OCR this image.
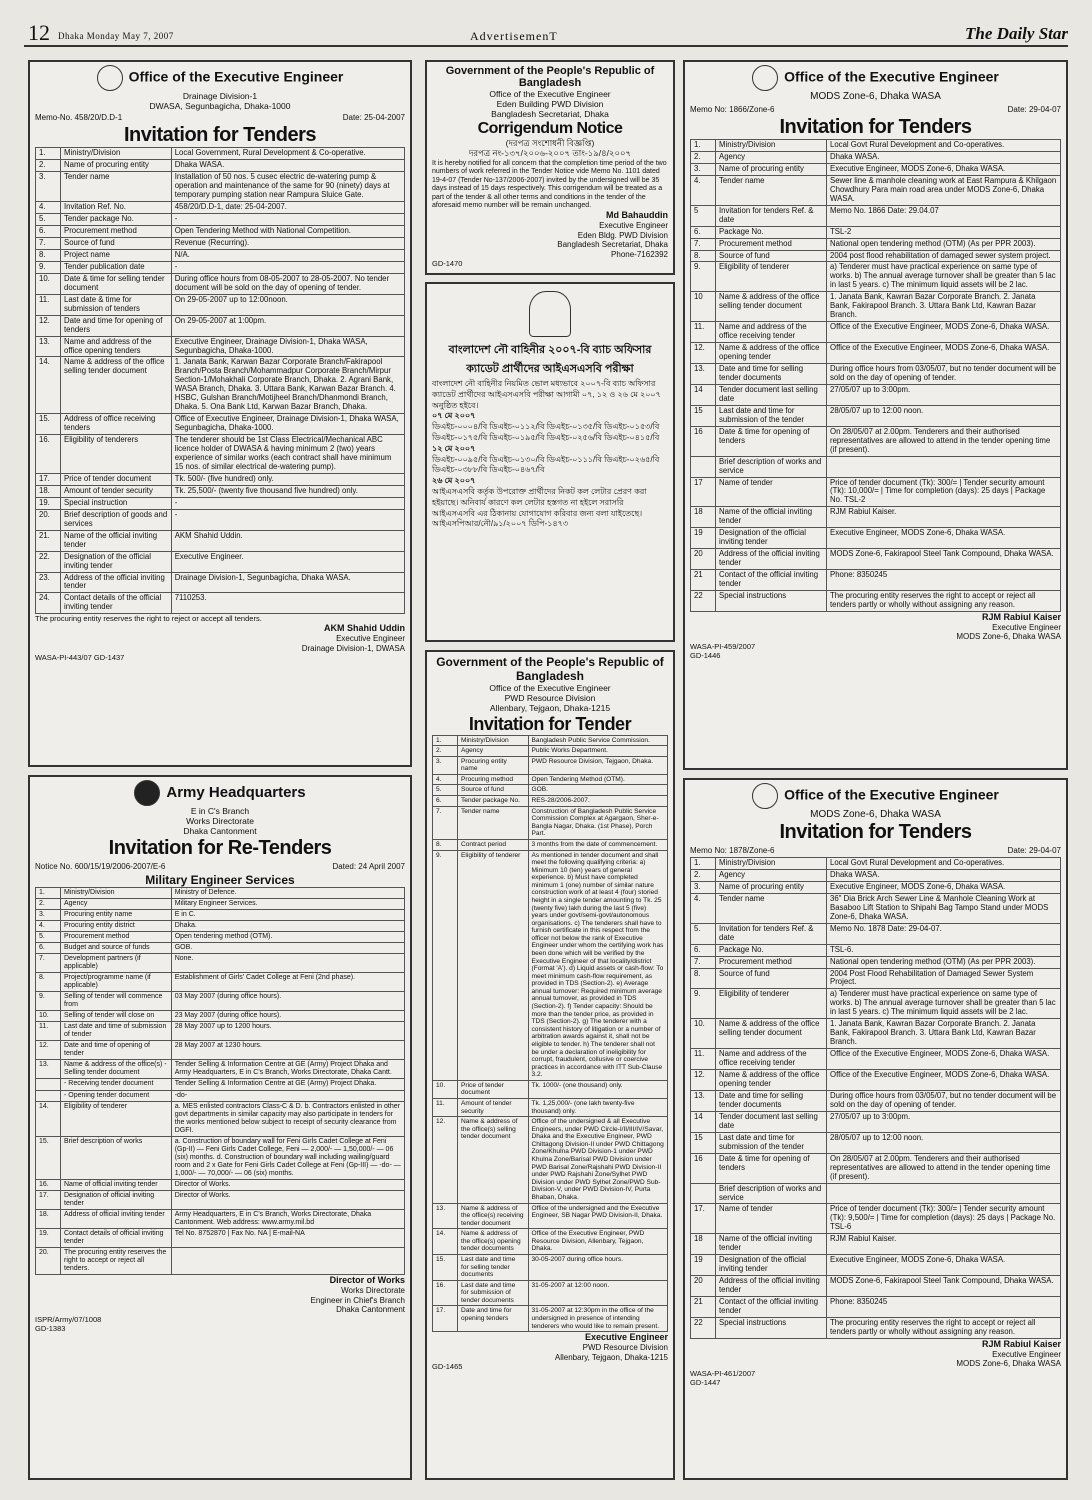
12 Dhaka Monday May 7, 2007	AdvertisemenT	The Daily Star
Office of the Executive Engineer
Drainage Division-1
DWASA, Segunbagicha, Dhaka-1000
Memo-No. 458/20/D.D-1	Date: 25-04-2007
Invitation for Tenders
1.	Ministry/Division	Local Government, Rural Development & Co-operative.
2.	Name of procuring entity	Dhaka WASA.
3.	Tender name	Installation of 50 nos. 5 cusec electric de-watering pump & operation and maintenance of the same for 90 (ninety) days at temporary pumping station near Rampura Sluice Gate.
4.	Invitation Ref. No.	458/20/D.D-1, date: 25-04-2007.
5.	Tender package No.	-
6.	Procurement method	Open Tendering Method with National Competition.
7.	Source of fund	Revenue (Recurring).
8.	Project name	N/A.
9.	Tender publication date	-
10.	Date & time for selling tender document	During office hours from 08-05-2007 to 28-05-2007. No tender document will be sold on the day of opening of tender.
11.	Last date & time for submission of tenders	On 29-05-2007 up to 12:00noon.
12.	Date and time for opening of tenders	On 29-05-2007 at 1:00pm.
13.	Name and address of the office opening tenders	Executive Engineer, Drainage Division-1, Dhaka WASA, Segunbagicha, Dhaka-1000.
14.	Name & address of the office selling tender document	1. Janata Bank, Karwan Bazar Corporate Branch/Fakirapool Branch/Posta Branch/Mohammadpur Corporate Branch/Mirpur Section-1/Mohakhali Corporate Branch, Dhaka. 2. Agrani Bank, WASA Branch, Dhaka. 3. Uttara Bank, Karwan Bazar Branch. 4. HSBC, Gulshan Branch/Motijheel Branch/Dhanmondi Branch, Dhaka. 5. Ona Bank Ltd, Karwan Bazar Branch, Dhaka.
15.	Address of office receiving tenders	Office of Executive Engineer, Drainage Division-1, Dhaka WASA, Segunbagicha, Dhaka-1000.
16.	Eligibility of tenderers	The tenderer should be 1st Class Electrical/Mechanical ABC licence holder of DWASA & having minimum 2 (two) years experience of similar works (each contract shall have minimum 15 nos. of similar electrical de-watering pump).
17.	Price of tender document	Tk. 500/- (five hundred) only.
18.	Amount of tender security	Tk. 25,500/- (twenty five thousand five hundred) only.
19.	Special instruction	-
20.	Brief description of goods and services	-
21.	Name of the official inviting tender	AKM Shahid Uddin.
22.	Designation of the official inviting tender	Executive Engineer.
23.	Address of the official inviting tender	Drainage Division-1, Segunbagicha, Dhaka WASA.
24.	Contact details of the official inviting tender	7110253.
The procuring entity reserves the right to reject or accept all tenders.
AKM Shahid Uddin
Executive Engineer
Drainage Division-1, DWASA
WASA-PI-443/07 GD-1437
Government of the People's Republic of Bangladesh
Office of the Executive Engineer
Eden Building PWD Division
Bangladesh Secretariat, Dhaka
Corrigendum Notice
(দরপত্র সংশোধনী বিজ্ঞপ্তি)
দরপত্র নং-১৩৭/২০০৬-২০০৭ তাং-১৯/৪/২০০৭
It is hereby notified for all concern that the completion time period of the two numbers of work referred in the Tender Notice vide Memo No. 1101 dated 19-4-07 (Tender No-137/2006-2007) invited by the undersigned will be 35 days instead of 15 days respectively. This corrigendum will be treated as a part of the tender & all other terms and conditions in the tender of the aforesaid memo number will be remain unchanged.
Md Bahauddin
Executive Engineer
Eden Bldg. PWD Division
Bangladesh Secretariat, Dhaka
Phone-7162392
GD-1470
বাংলাদেশ নৌ বাহিনীর ২০০৭-বি ব্যাচ অফিসার
ক্যাডেট প্রার্থীদের আইএসএসবি পরীক্ষা
বাংলাদেশ নৌ বাহিনীর নিয়মিত ভোল মধ্যভাবে ২০০৭-বি ব্যাচ অফিসার ক্যাডেট প্রার্থীদের আইএসএসবি পরীক্ষা আগামী ০৭, ১২ ও ২৬ মে ২০০৭ অনুষ্ঠিত হইবে।
০৭ মে ২০০৭
ডিএইচ-০০০৪/বি ডিএইচ-০১১২/বি ডিএইচ-০১৩৫/বি ডিএইচ-০১৫৩/বি ডিএইচ-০১৭৫/বি ডিএইচ-০১৯৫/বি ডিএইচ-০২৫৬/বি ডিএইচ-০৪১৫/বি
১২ মে ২০০৭
ডিএইচ-০০৯৫/বি ডিএইচ-০১৩০/বি ডিএইচ-০১১১/বি ডিএইচ-০২৬৫/বি ডিএইচ-০৩৮৮/বি ডিএইচ-০৪৬৭/বি
২৬ মে ২০০৭
আইএসএসবি কর্তৃক উপরোক্ত প্রার্থীদের নিকট কল লেটার প্রেরণ করা হইয়াছে। অনিবার্য কারণে কল লেটার হস্তগত না হইলে সরাসরি আইএসএসবি এর ঠিকানায় যোগাযোগ করিবার জন্য বলা যাইতেছে।
আইএসপিআর/নৌ/৯১/২০০৭ ডিপি-১৪৭৩
Government of the People's Republic of Bangladesh
Office of the Executive Engineer
PWD Resource Division
Allenbary, Tejgaon, Dhaka-1215
Invitation for Tender
1.	Ministry/Division	Bangladesh Public Service Commission.
2.	Agency	Public Works Department.
3.	Procuring entity name	PWD Resource Division, Tejgaon, Dhaka.
4.	Procuring method	Open Tendering Method (OTM).
5.	Source of fund	GOB.
6.	Tender package No.	RES-28/2006-2007.
7.	Tender name	Construction of Bangladesh Public Service Commission Complex at Agargaon, Sher-e-Bangla Nagar, Dhaka. (1st Phase), Porch Part.
8.	Contract period	3 months from the date of commencement.
9.	Eligibility of tenderer	As mentioned in tender document and shall meet the following qualifying criteria: a) Minimum 10 (ten) years of general experience. b) Must have completed minimum 1 (one) number of similar nature construction work of at least 4 (four) storied height in a single tender amounting to Tk. 25 (twenty five) lakh during the last 5 (five) years under govt/semi-govt/autonomous organisations. c) The tenderers shall have to furnish certificate in this respect from the officer not below the rank of Executive Engineer under whom the certifying work has been done which will be verified by the Executive Engineer of that locality/district (Format 'A'). d) Liquid assets or cash-flow: To meet minimum cash-flow requirement, as provided in TDS (Section-2). e) Average annual turnover: Required minimum average annual turnover, as provided in TDS (Section-2). f) Tender capacity: Should be more than the tender price, as provided in TDS (Section-2). g) The tenderer with a consistent history of litigation or a number of arbitration awards against it, shall not be eligible to tender. h) The tenderer shall not be under a declaration of ineligibility for corrupt, fraudulent, collusive or coercive practices in accordance with ITT Sub-Clause 3.2.
10.	Price of tender document	Tk. 1000/- (one thousand) only.
11.	Amount of tender security	Tk. 1,25,000/- (one lakh twenty-five thousand) only.
12.	Name & address of the office(s) selling tender document	Office of the undersigned & all Executive Engineers, under PWD Circle-I/II/III/IV/Savar, Dhaka and the Executive Engineer, PWD Chittagong Division-II under PWD Chittagong Zone/Khulna PWD Division-1 under PWD Khulna Zone/Barisal PWD Division under PWD Barisal Zone/Rajshahi PWD Division-II under PWD Rajshahi Zone/Sylhet PWD Division under PWD Sylhet Zone/PWD Sub-Division-V, under PWD Division-IV, Purta Bhaban, Dhaka.
13.	Name & address of the office(s) receiving tender document	Office of the undersigned and the Executive Engineer, SB Nagar PWD Division-II, Dhaka.
14.	Name & address of the office(s) opening tender documents	Office of the Executive Engineer, PWD Resource Division, Allenbary, Tejgaon, Dhaka.
15.	Last date and time for selling tender documents	30-05-2007 during office hours.
16.	Last date and time for submission of tender documents	31-05-2007 at 12:00 noon.
17.	Date and time for opening tenders	31-05-2007 at 12:30pm in the office of the undersigned in presence of intending tenderers who would like to remain present.
Executive Engineer
PWD Resource Division
Allenbary, Tejgaon, Dhaka-1215
GD-1465
Office of the Executive Engineer
MODS Zone-6, Dhaka WASA
Memo No: 1866/Zone-6	Date: 29-04-07
Invitation for Tenders
1.	Ministry/Division	Local Govt Rural Development and Co-operatives.
2.	Agency	Dhaka WASA.
3.	Name of procuring entity	Executive Engineer, MODS Zone-6, Dhaka WASA.
4.	Tender name	Sewer line & manhole cleaning work at East Rampura & Khilgaon Chowdhury Para main road area under MODS Zone-6, Dhaka WASA.
5	Invitation for tenders Ref. & date	Memo No. 1866 Date: 29.04.07
6.	Package No.	TSL-2
7.	Procurement method	National open tendering method (OTM) (As per PPR 2003).
8.	Source of fund	2004 post flood rehabilitation of damaged sewer system project.
9.	Eligibility of tenderer	a) Tenderer must have practical experience on same type of works. b) The annual average turnover shall be greater than 5 lac in last 5 years. c) The minimum liquid assets will be 2 lac.
10	Name & address of the office selling tender document	1. Janata Bank, Kawran Bazar Corporate Branch. 2. Janata Bank, Fakirapool Branch. 3. Uttara Bank Ltd, Kawran Bazar Branch.
11.	Name and address of the office receiving tender	Office of the Executive Engineer, MODS Zone-6, Dhaka WASA.
12.	Name & address of the office opening tender	Office of the Executive Engineer, MODS Zone-6, Dhaka WASA.
13.	Date and time for selling tender documents	During office hours from 03/05/07, but no tender document will be sold on the day of opening of tender.
14	Tender document last selling date	27/05/07 up to 3:00pm.
15	Last date and time for submission of the tender	28/05/07 up to 12:00 noon.
16	Date & time for opening of tenders	On 28/05/07 at 2.00pm. Tenderers and their authorised representatives are allowed to attend in the tender opening time (if present).
	Brief description of works and service	
17	Name of tender	Price of tender document (Tk): 300/= | Tender security amount (Tk): 10,000/= | Time for completion (days): 25 days | Package No. TSL-2
18	Name of the official inviting tender	RJM Rabiul Kaiser.
19	Designation of the official inviting tender	Executive Engineer, MODS Zone-6, Dhaka WASA.
20	Address of the official inviting tender	MODS Zone-6, Fakirapool Steel Tank Compound, Dhaka WASA.
21	Contact of the official inviting tender	Phone: 8350245
22	Special instructions	The procuring entity reserves the right to accept or reject all tenders partly or wholly without assigning any reason.
RJM Rabiul Kaiser
Executive Engineer
MODS Zone-6, Dhaka WASA
WASA-PI-459/2007
GD-1446
Army Headquarters
E in C's Branch
Works Directorate
Dhaka Cantonment
Invitation for Re-Tenders
Notice No. 600/15/19/2006-2007/E-6	Dated: 24 April 2007
Military Engineer Services
1.	Ministry/Division	Ministry of Defence.
2.	Agency	Military Engineer Services.
3.	Procuring entity name	E in C.
4.	Procuring entity district	Dhaka.
5.	Procurement method	Open tendering method (OTM).
6.	Budget and source of funds	GOB.
7.	Development partners (if applicable)	None.
8.	Project/programme name (if applicable)	Establishment of Girls' Cadet College at Feni (2nd phase).
9.	Selling of tender will commence from	03 May 2007 (during office hours).
10.	Selling of tender will close on	23 May 2007 (during office hours).
11.	Last date and time of submission of tender	28 May 2007 up to 1200 hours.
12.	Date and time of opening of tender	28 May 2007 at 1230 hours.
13.	Name & address of the office(s) - Selling tender document	Tender Selling & Information Centre at GE (Army) Project Dhaka and Army Headquarters, E in C's Branch, Works Directorate, Dhaka Cantt.
	- Receiving tender document	Tender Selling & Information Centre at GE (Army) Project Dhaka.
	- Opening tender document	-do-
14.	Eligibility of tenderer	a. MES enlisted contractors Class-C & D. b. Contractors enlisted in other govt departments in similar capacity may also participate in tenders for the works mentioned below subject to receipt of security clearance from DGFI.
15.	Brief description of works	a. Construction of boundary wall for Feni Girls Cadet College at Feni (Gp-II) — Feni Girls Cadet College, Feni — 2,000/- — 1,50,000/- — 06 (six) months. d. Construction of boundary wall including wailing/guard room and 2 x Gate for Feni Girls Cadet College at Feni (Gp-III) — -do- — 1,000/- — 70,000/- — 06 (six) months.
16.	Name of official inviting tender	Director of Works.
17.	Designation of official inviting tender	Director of Works.
18.	Address of official inviting tender	Army Headquarters, E in C's Branch, Works Directorate, Dhaka Cantonment. Web address: www.army.mil.bd
19.	Contact details of official inviting tender	Tel No. 8752870 | Fax No. NA | E-mail-NA
20.	The procuring entity reserves the right to accept or reject all tenders.	
Director of Works
Works Directorate
Engineer in Chief's Branch
Dhaka Cantonment
ISPR/Army/07/1008
GD-1383
Office of the Executive Engineer
MODS Zone-6, Dhaka WASA
Invitation for Tenders
Memo No: 1878/Zone-6	Date: 29-04-07
1.	Ministry/Division	Local Govt Rural Development and Co-operatives.
2.	Agency	Dhaka WASA.
3.	Name of procuring entity	Executive Engineer, MODS Zone-6, Dhaka WASA.
4.	Tender name	36" Dia Brick Arch Sewer Line & Manhole Cleaning Work at Basaboo Lift Station to Shipahi Bag Tampo Stand under MODS Zone-6, Dhaka WASA.
5.	Invitation for tenders Ref. & date	Memo No. 1878 Date: 29-04-07.
6.	Package No.	TSL-6.
7.	Procurement method	National open tendering method (OTM) (As per PPR 2003).
8.	Source of fund	2004 Post Flood Rehabilitation of Damaged Sewer System Project.
9.	Eligibility of tenderer	a) Tenderer must have practical experience on same type of works. b) The annual average turnover shall be greater than 5 lac in last 5 years. c) The minimum liquid assets will be 2 lac.
10.	Name & address of the office selling tender document	1. Janata Bank, Kawran Bazar Corporate Branch. 2. Janata Bank, Fakirapool Branch. 3. Uttara Bank Ltd, Kawran Bazar Branch.
11.	Name and address of the office receiving tender	Office of the Executive Engineer, MODS Zone-6, Dhaka WASA.
12.	Name & address of the office opening tender	Office of the Executive Engineer, MODS Zone-6, Dhaka WASA.
13.	Date and time for selling tender documents	During office hours from 03/05/07, but no tender document will be sold on the day of opening of tender.
14	Tender document last selling date	27/05/07 up to 3:00pm.
15	Last date and time for submission of the tender	28/05/07 up to 12:00 noon.
16	Date & time for opening of tenders	On 28/05/07 at 2.00pm. Tenderers and their authorised representatives are allowed to attend in the tender opening time (if present).
	Brief description of works and service	
17.	Name of tender	Price of tender document (Tk): 300/= | Tender security amount (Tk): 9,500/= | Time for completion (days): 25 days | Package No. TSL-6
18	Name of the official inviting tender	RJM Rabiul Kaiser.
19	Designation of the official inviting tender	Executive Engineer, MODS Zone-6, Dhaka WASA.
20	Address of the official inviting tender	MODS Zone-6, Fakirapool Steel Tank Compound, Dhaka WASA.
21	Contact of the official inviting tender	Phone: 8350245
22	Special instructions	The procuring entity reserves the right to accept or reject all tenders partly or wholly without assigning any reason.
RJM Rabiul Kaiser
Executive Engineer
MODS Zone-6, Dhaka WASA
WASA-PI-461/2007
GD-1447
